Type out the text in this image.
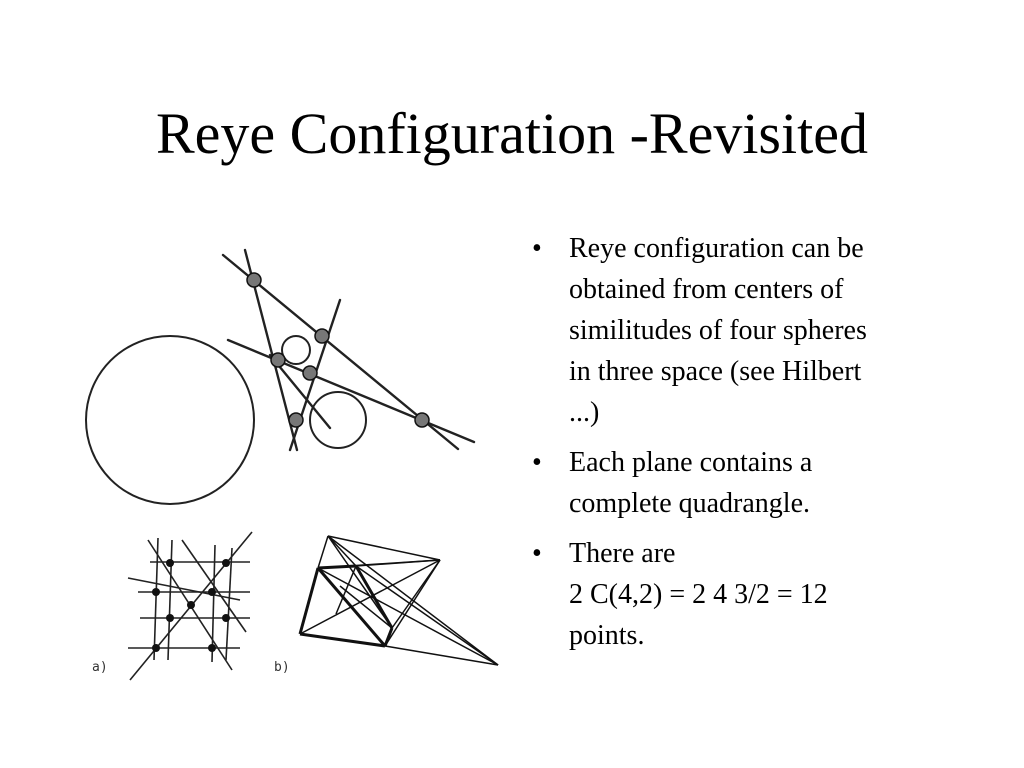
Reye Configuration -Revisited
a)	b)
• Reye configuration can be
obtained from centers of
similitudes of four spheres
in three space (see Hilbert
...)
• Each plane contains a
complete quadrangle.
• There are
2 C(4,2) = 2 4 3/2 = 12
points.
